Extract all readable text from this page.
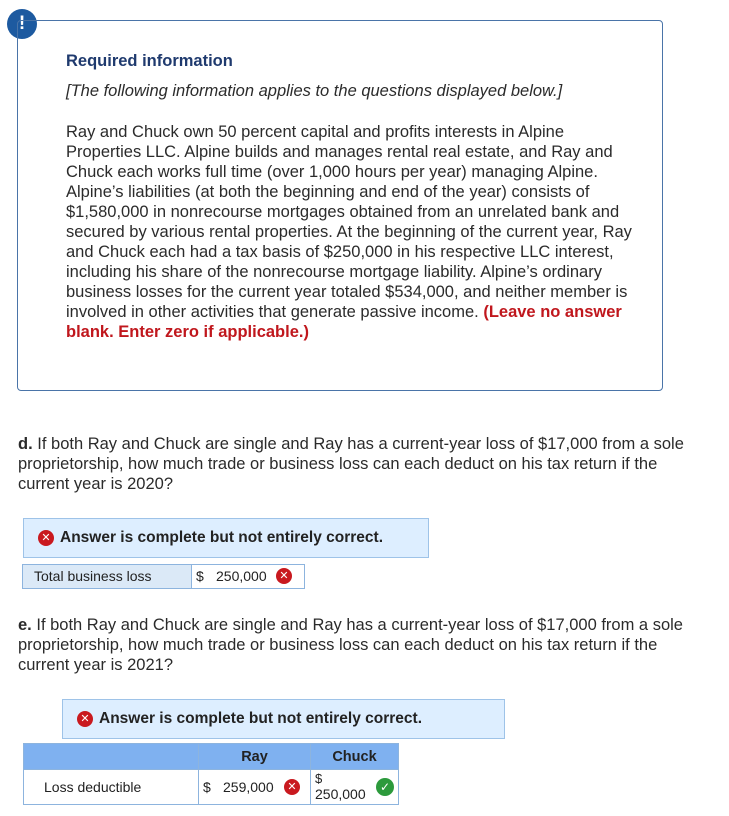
!
Required information
[The following information applies to the questions displayed below.]
Ray and Chuck own 50 percent capital and profits interests in Alpine Properties LLC. Alpine builds and manages rental real estate, and Ray and Chuck each works full time (over 1,000 hours per year) managing Alpine. Alpine’s liabilities (at both the beginning and end of the year) consists of $1,580,000 in nonrecourse mortgages obtained from an unrelated bank and secured by various rental properties. At the beginning of the current year, Ray and Chuck each had a tax basis of $250,000 in his respective LLC interest, including his share of the nonrecourse mortgage liability. Alpine’s ordinary business losses for the current year totaled $534,000, and neither member is involved in other activities that generate passive income. (Leave no answer blank. Enter zero if applicable.)
d. If both Ray and Chuck are single and Ray has a current-year loss of $17,000 from a sole proprietorship, how much trade or business loss can each deduct on his tax return if the current year is 2020?
✕ Answer is complete but not entirely correct.
Total business loss	$ 250,000	✕
e. If both Ray and Chuck are single and Ray has a current-year loss of $17,000 from a sole proprietorship, how much trade or business loss can each deduct on his tax return if the current year is 2021?
✕ Answer is complete but not entirely correct.
	Ray	Chuck
Loss deductible	$ 259,000 ✕	$
250,000 ✓
